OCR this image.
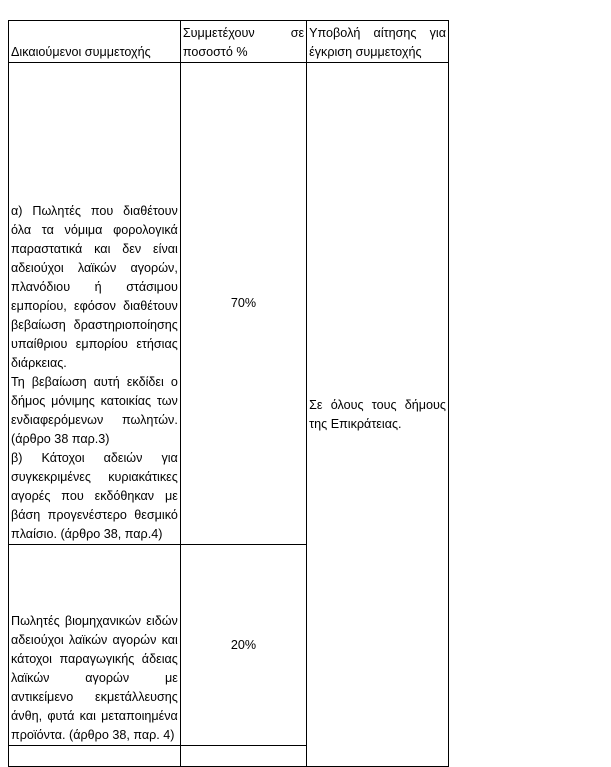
Δικαιούμενοι συμμετοχής	Συμμετέχουν σε ποσοστό %	Υποβολή αίτησης για έγκριση συμμετοχής

α) Πωλητές που διαθέτουν όλα τα νόμιμα φορολογικά παραστατικά και δεν είναι αδειούχοι λαϊκών αγορών, πλανόδιου ή στάσιμου εμπορίου, εφόσον διαθέτουν βεβαίωση δραστηριοποίησης υπαίθριου εμπορίου ετήσιας διάρκειας.

Τη βεβαίωση αυτή εκδίδει ο δήμος μόνιμης κατοικίας των ενδιαφερόμενων πωλητών. (άρθρο 38 παρ.3)

β) Κάτοχοι αδειών για συγκεκριμένες κυριακάτικες αγορές που εκδόθηκαν με βάση προγενέστερο θεσμικό πλαίσιο. (άρθρο 38, παρ.4)	70%	Σε όλους τους δήμους της Επικράτειας.

Πωλητές βιομηχανικών ειδών αδειούχοι λαϊκών αγορών και κάτοχοι παραγωγικής άδειας λαϊκών αγορών με αντικείμενο εκμετάλλευσης άνθη, φυτά και μεταποιημένα προϊόντα. (άρθρο 38, παρ. 4)	20%	
